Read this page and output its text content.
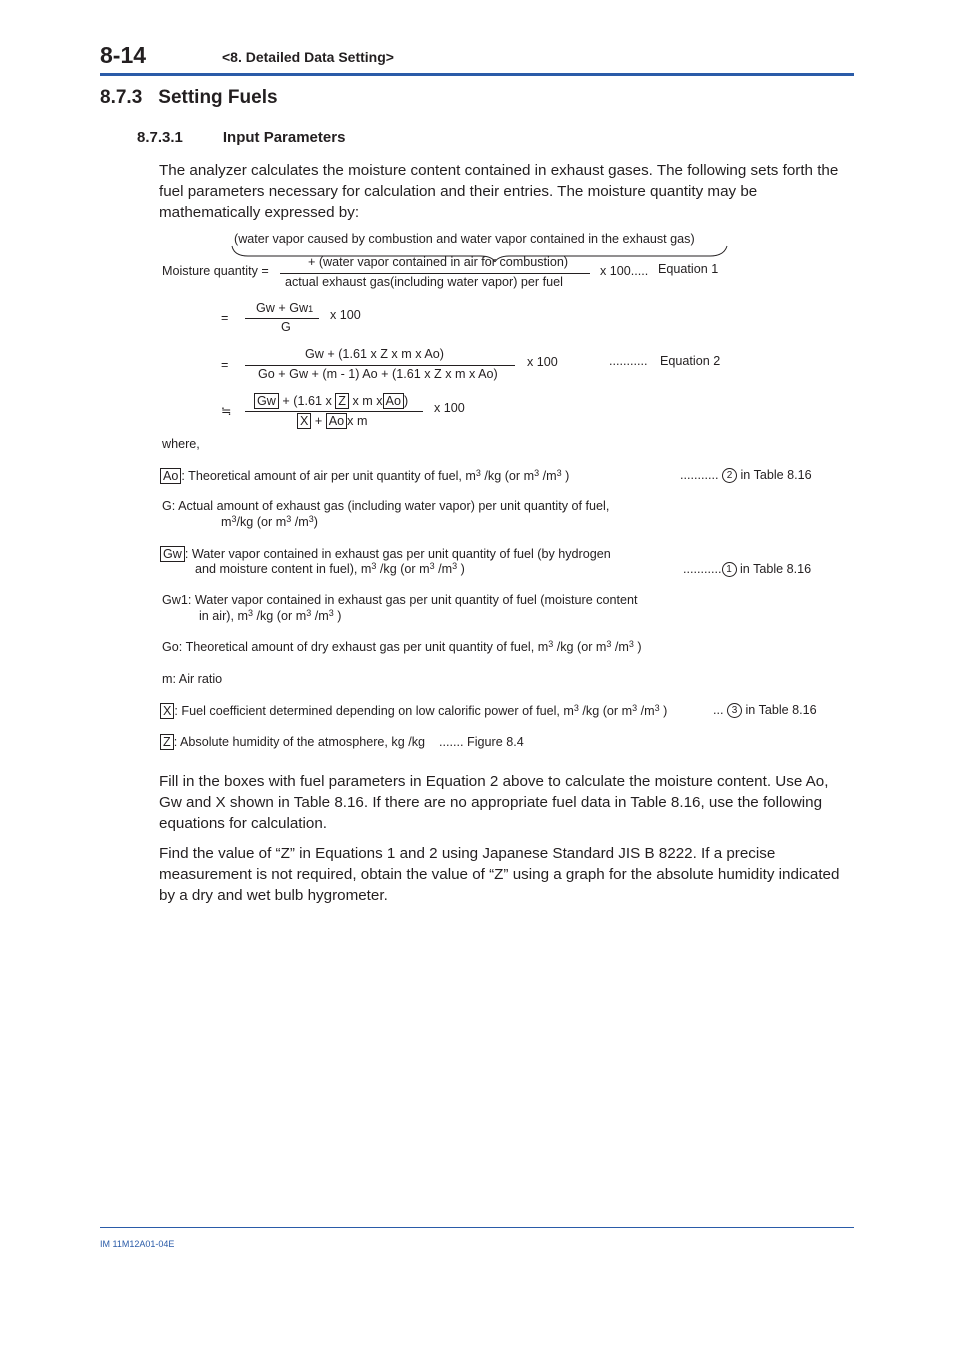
8-14	<8. Detailed Data Setting>
8.7.3 Setting Fuels
8.7.3.1	Input Parameters

The analyzer calculates the moisture content contained in exhaust gases. The following sets forth the fuel parameters necessary for calculation and their entries. The moisture quantity may be mathematically expressed by:

(water vapor caused by combustion and water vapor contained in the exhaust gas)
Moisture quantity =
+ (water vapor contained in air for combustion)
actual exhaust gas(including water vapor) per fuel
x 100..... Equation 1
=
Gw + Gw1
G
x 100
=
Gw + (1.61 x Z x m x Ao)
Go + Gw + (m - 1) Ao + (1.61 x Z x m x Ao)
x 100	........... Equation 2
≒
Gw + (1.61 x Z x m x Ao )
X + Ao x m
x 100
where,
Ao : Theoretical amount of air per unit quantity of fuel, $m^3$ /kg (or $m^3$ $/m^3$ )	........... 2 in Table 8.16
G: Actual amount of exhaust gas (including water vapor) per unit quantity of fuel,
$m^3/kg$ (or $m^3$ $/m^3$)
Gw : Water vapor contained in exhaust gas per unit quantity of fuel (by hydrogen
and moisture content in fuel), $m^3$ /kg (or $m^3$ $/m^3$ )	........... 1 in Table 8.16
Gw1: Water vapor contained in exhaust gas per unit quantity of fuel (moisture content
in air), $m^3$ /kg (or $m^3$ $/m^3$ )
Go: Theoretical amount of dry exhaust gas per unit quantity of fuel, $m^3$ /kg (or $m^3$ $/m^3$ )
m: Air ratio
X : Fuel coefficient determined depending on low calorific power of fuel, $m^3$ /kg (or $m^3$ $/m^3$ )	... 3 in Table 8.16
Z : Absolute humidity of the atmosphere, kg /kg ....... Figure 8.4

Fill in the boxes with fuel parameters in Equation 2 above to calculate the moisture content. Use Ao, Gw and X shown in Table 8.16. If there are no appropriate fuel data in Table 8.16, use the following equations for calculation.

Find the value of “Z” in Equations 1 and 2 using Japanese Standard JIS B 8222. If a precise measurement is not required, obtain the value of “Z” using a graph for the absolute humidity indicated by a dry and wet bulb hygrometer.

IM 11M12A01-04E
